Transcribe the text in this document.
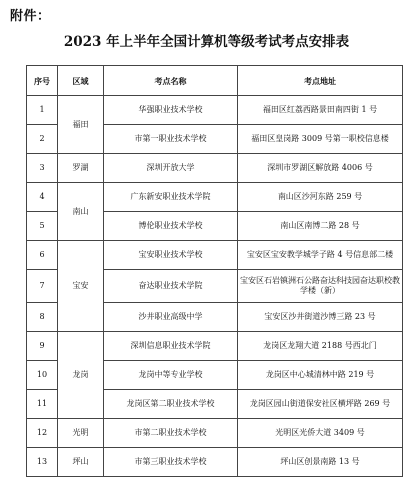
附件：
2023 年上半年全国计算机等级考试考点安排表
序号	区域	考点名称	考点地址
1	福田	华强职业技术学校	福田区红荔西路景田南四街 1 号
2		市第一职业技术学校	福田区皇岗路 3009 号第一职校信息楼
3	罗湖	深圳开放大学	深圳市罗湖区解放路 4006 号
4	南山	广东新安职业技术学院	南山区沙河东路 259 号
5		博伦职业技术学校	南山区南博二路 28 号
6	宝安	宝安职业技术学校	宝安区宝安教学城学子路 4 号信息部二楼
7		奋达职业技术学院	宝安区石岩镇洲石公路奋达科技园奋达职校教学楼（新）
8		沙井职业高级中学	宝安区沙井街道沙博三路 23 号
9	龙岗	深圳信息职业技术学院	龙岗区龙翔大道 2188 号西北门
10		龙岗中等专业学校	龙岗区中心城清林中路 219 号
11		龙岗区第二职业技术学校	龙岗区园山街道保安社区横坪路 269 号
12	光明	市第二职业技术学校	光明区光侨大道 3409 号
13	坪山	市第三职业技术学校	坪山区创景南路 13 号
